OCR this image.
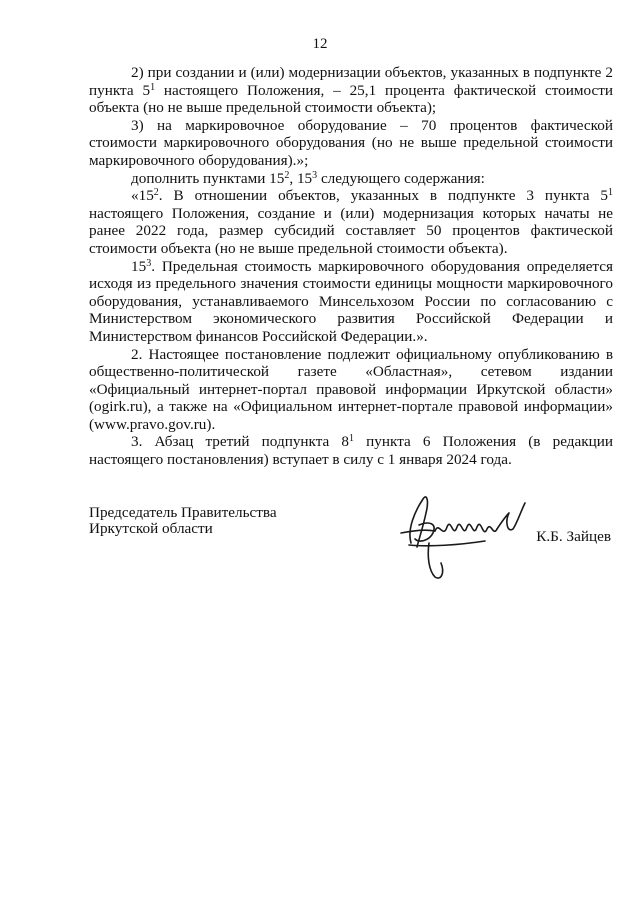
12

2) при создании и (или) модернизации объектов, указанных в подпункте 2 пункта $5^1$ настоящего Положения, – 25,1 процента фактической стоимости объекта (но не выше предельной стоимости объекта);

3) на маркировочное оборудование – 70 процентов фактической стоимости маркировочного оборудования (но не выше предельной стоимости маркировочного оборудования).»;

дополнить пунктами $15^2$, $15^3$ следующего содержания:

«$15^2$. В отношении объектов, указанных в подпункте 3 пункта $5^1$ настоящего Положения, создание и (или) модернизация которых начаты не ранее 2022 года, размер субсидий составляет 50 процентов фактической стоимости объекта (но не выше предельной стоимости объекта).

$15^3$. Предельная стоимость маркировочного оборудования определяется исходя из предельного значения стоимости единицы мощности маркировочного оборудования, устанавливаемого Минсельхозом России по согласованию с Министерством экономического развития Российской Федерации и Министерством финансов Российской Федерации.».

2. Настоящее постановление подлежит официальному опубликованию в общественно-политической газете «Областная», сетевом издании «Официальный интернет-портал правовой информации Иркутской области» (ogirk.ru), а также на «Официальном интернет-портале правовой информации» (www.pravo.gov.ru).

3. Абзац третий подпункта $8^1$ пункта 6 Положения (в редакции настоящего постановления) вступает в силу с 1 января 2024 года.

Председатель Правительства
Иркутской области	К.Б. Зайцев
